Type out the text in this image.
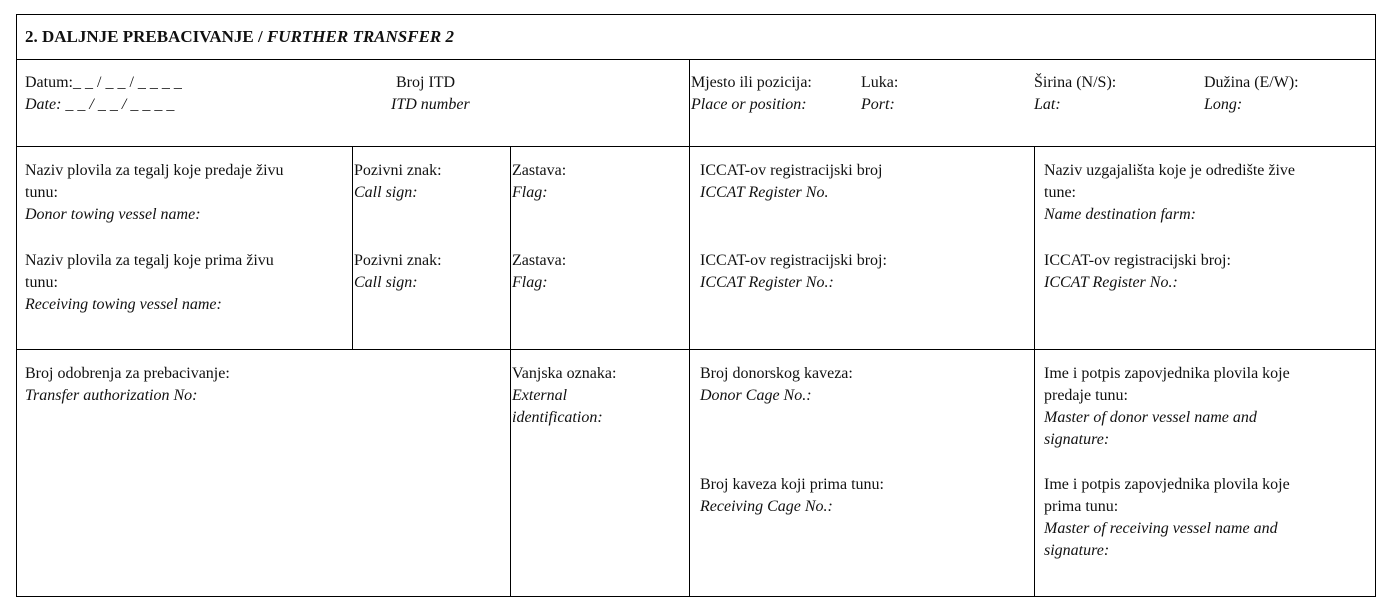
2. DALJNJE PREBACIVANJE / FURTHER TRANSFER 2
Datum:_ _ / _ _ / _ _ _ _
Date: _ _ / _ _ / _ _ _ _
Broj ITD
ITD number
Mjesto ili pozicija:
Place or position:
Luka:
Port:
Širina (N/S):
Lat:
Dužina (E/W):
Long:
Naziv plovila za tegalj koje predaje živu
tunu:
Donor towing vessel name:
Naziv plovila za tegalj koje prima živu
tunu:
Receiving towing vessel name:
Pozivni znak:
Call sign:
Pozivni znak:
Call sign:
Zastava:
Flag:
Zastava:
Flag:
ICCAT-ov registracijski broj
ICCAT Register No.
ICCAT-ov registracijski broj:
ICCAT Register No.:
Naziv uzgajališta koje je odredište žive
tune:
Name destination farm:
ICCAT-ov registracijski broj:
ICCAT Register No.:
Broj odobrenja za prebacivanje:
Transfer authorization No:
Vanjska oznaka:
External
identification:
Broj donorskog kaveza:
Donor Cage No.:
Broj kaveza koji prima tunu:
Receiving Cage No.:
Ime i potpis zapovjednika plovila koje
predaje tunu:
Master of donor vessel name and
signature:
Ime i potpis zapovjednika plovila koje
prima tunu:
Master of receiving vessel name and
signature:
